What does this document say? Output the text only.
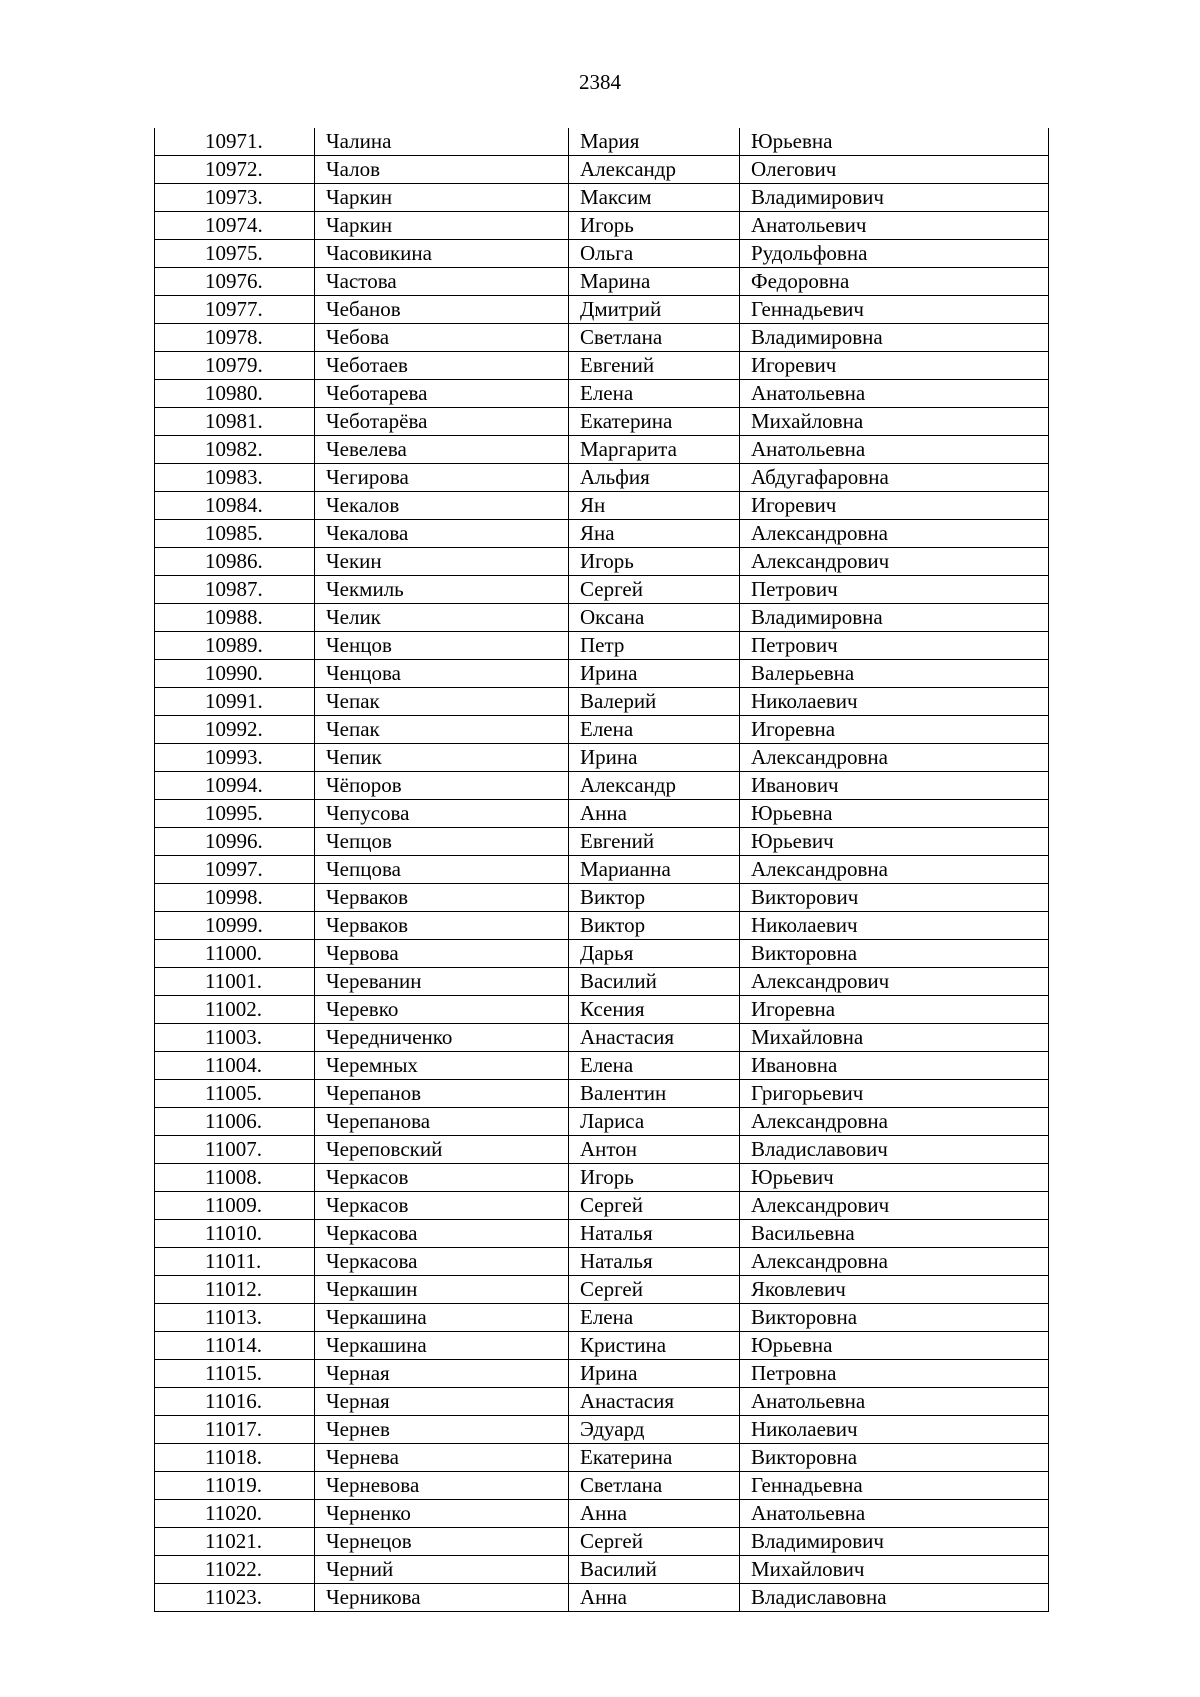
2384
10971.	Чалина	Мария	Юрьевна
10972.	Чалов	Александр	Олегович
10973.	Чаркин	Максим	Владимирович
10974.	Чаркин	Игорь	Анатольевич
10975.	Часовикина	Ольга	Рудольфовна
10976.	Частова	Марина	Федоровна
10977.	Чебанов	Дмитрий	Геннадьевич
10978.	Чебова	Светлана	Владимировна
10979.	Чеботаев	Евгений	Игоревич
10980.	Чеботарева	Елена	Анатольевна
10981.	Чеботарёва	Екатерина	Михайловна
10982.	Чевелева	Маргарита	Анатольевна
10983.	Чегирова	Альфия	Абдугафаровна
10984.	Чекалов	Ян	Игоревич
10985.	Чекалова	Яна	Александровна
10986.	Чекин	Игорь	Александрович
10987.	Чекмиль	Сергей	Петрович
10988.	Челик	Оксана	Владимировна
10989.	Ченцов	Петр	Петрович
10990.	Ченцова	Ирина	Валерьевна
10991.	Чепак	Валерий	Николаевич
10992.	Чепак	Елена	Игоревна
10993.	Чепик	Ирина	Александровна
10994.	Чёпоров	Александр	Иванович
10995.	Чепусова	Анна	Юрьевна
10996.	Чепцов	Евгений	Юрьевич
10997.	Чепцова	Марианна	Александровна
10998.	Черваков	Виктор	Викторович
10999.	Черваков	Виктор	Николаевич
11000.	Червова	Дарья	Викторовна
11001.	Череванин	Василий	Александрович
11002.	Черевко	Ксения	Игоревна
11003.	Чередниченко	Анастасия	Михайловна
11004.	Черемных	Елена	Ивановна
11005.	Черепанов	Валентин	Григорьевич
11006.	Черепанова	Лариса	Александровна
11007.	Череповский	Антон	Владиславович
11008.	Черкасов	Игорь	Юрьевич
11009.	Черкасов	Сергей	Александрович
11010.	Черкасова	Наталья	Васильевна
11011.	Черкасова	Наталья	Александровна
11012.	Черкашин	Сергей	Яковлевич
11013.	Черкашина	Елена	Викторовна
11014.	Черкашина	Кристина	Юрьевна
11015.	Черная	Ирина	Петровна
11016.	Черная	Анастасия	Анатольевна
11017.	Чернев	Эдуард	Николаевич
11018.	Чернева	Екатерина	Викторовна
11019.	Черневова	Светлана	Геннадьевна
11020.	Черненко	Анна	Анатольевна
11021.	Чернецов	Сергей	Владимирович
11022.	Черний	Василий	Михайлович
11023.	Черникова	Анна	Владиславовна
